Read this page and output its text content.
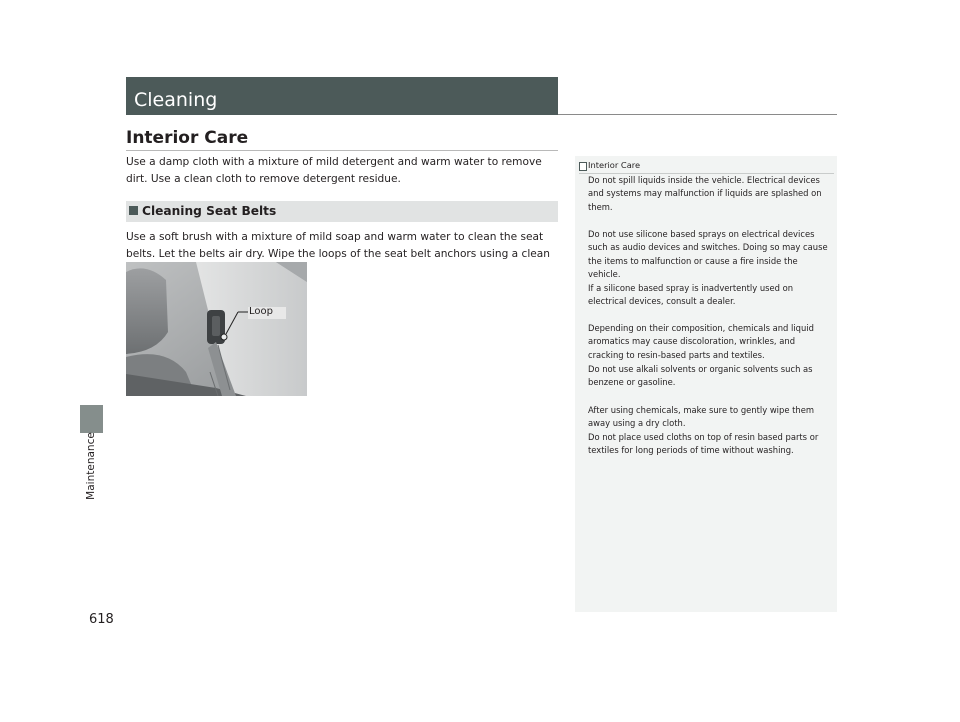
Maintenance
618
Cleaning
Interior Care
Use a damp cloth with a mixture of mild detergent and warm water to remove dirt. Use a clean cloth to remove detergent residue.
Cleaning Seat Belts
Use a soft brush with a mixture of mild soap and warm water to clean the seat belts. Let the belts air dry. Wipe the loops of the seat belt anchors using a clean
Loop
Interior Care
Do not spill liquids inside the vehicle. Electrical devices and systems may malfunction if liquids are splashed on them.
Do not use silicone based sprays on electrical devices such as audio devices and switches. Doing so may cause the items to malfunction or cause a fire inside the vehicle.
If a silicone based spray is inadvertently used on electrical devices, consult a dealer.
Depending on their composition, chemicals and liquid aromatics may cause discoloration, wrinkles, and cracking to resin-based parts and textiles.
Do not use alkali solvents or organic solvents such as benzene or gasoline.
After using chemicals, make sure to gently wipe them away using a dry cloth.
Do not place used cloths on top of resin based parts or textiles for long periods of time without washing.
